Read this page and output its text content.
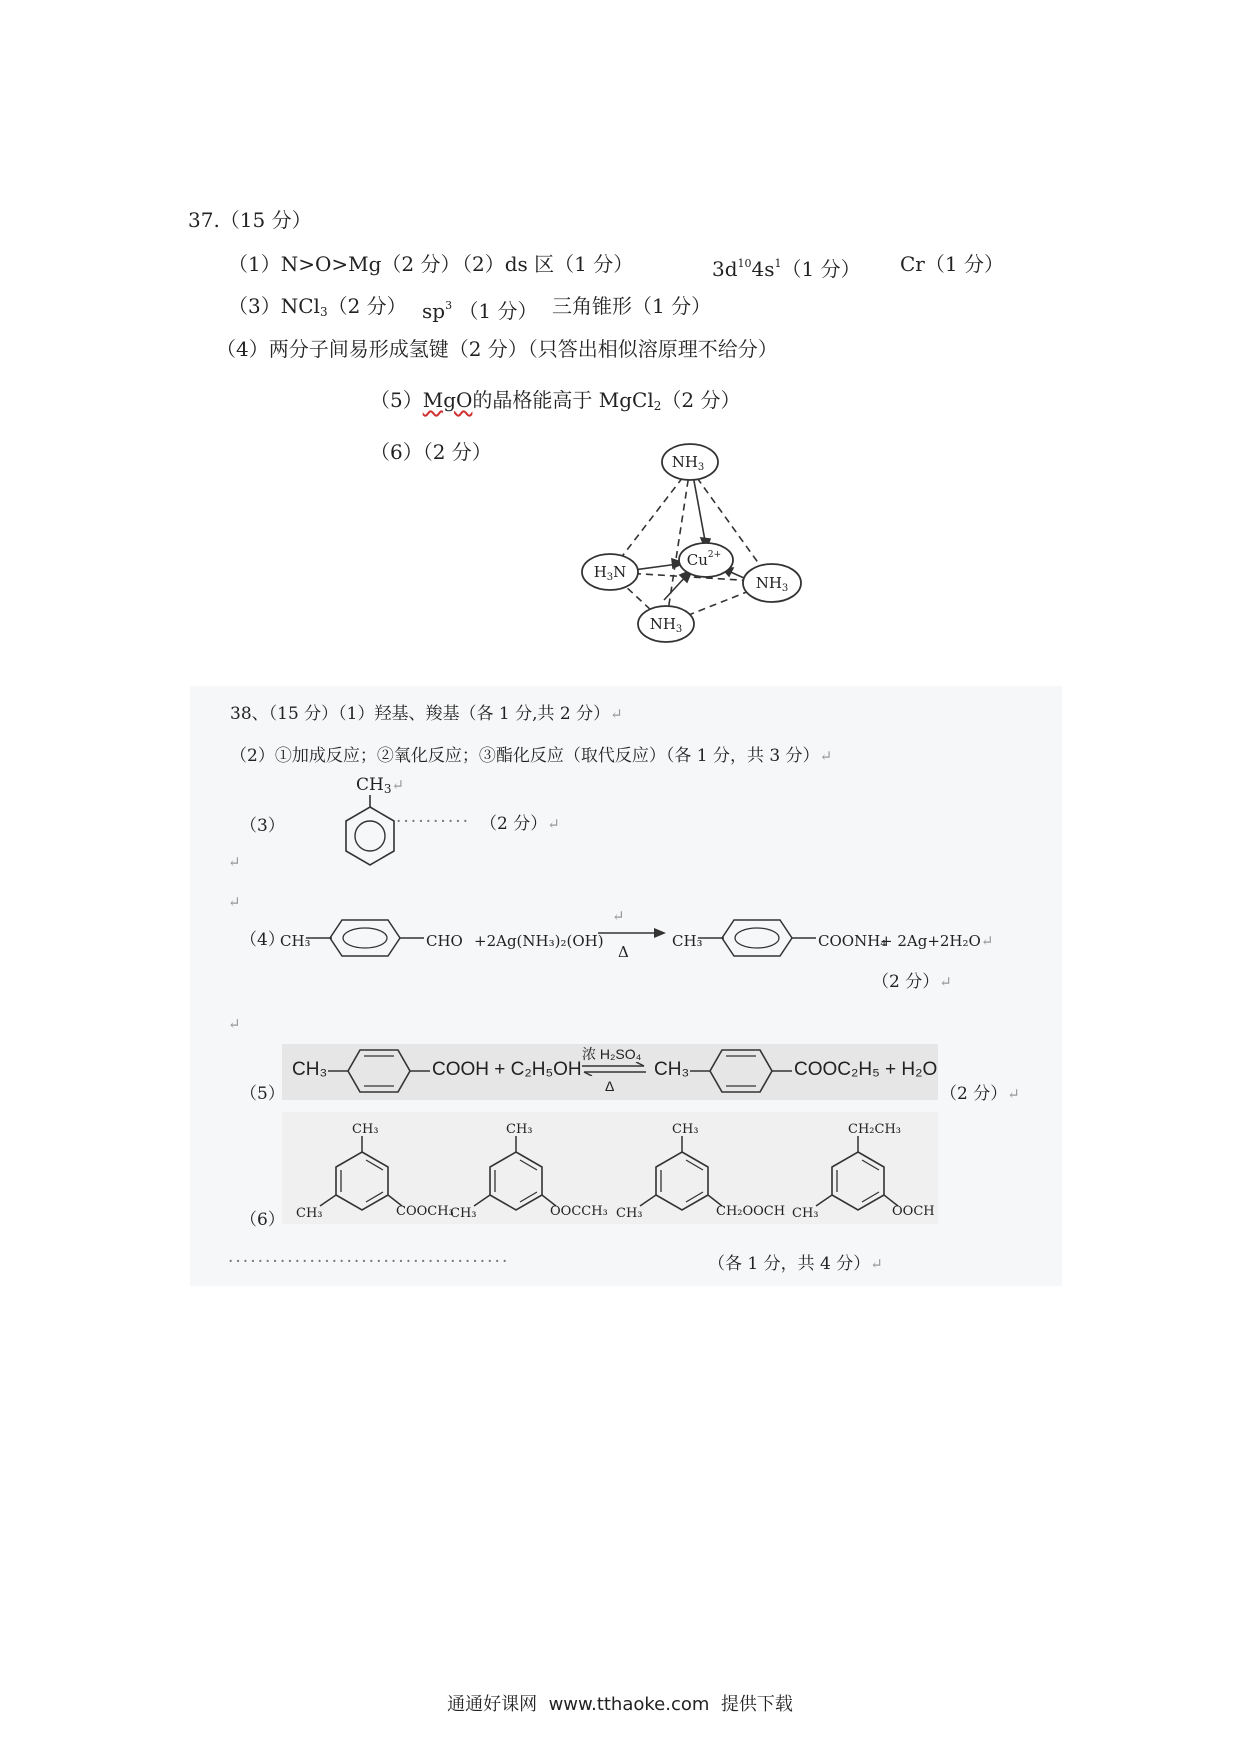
37.（15 分）
（1）N>O>Mg（2 分）
（2）ds 区（1 分）	$3d^{10}4s^1(1$ 分） Cr（1 分）
（3）NCl$_3$（2 分） $sp^3$ （1 分） 三角锥形（1 分）
（4）两分子间易形成氢键（2 分）（只答出相似溶原理不给分）
（5）MgO的晶格能高于 MgCl$_2$（2 分）
（6）（2 分）	$NH_3$
$H_3N$
$Cu^{2+}$
$NH_3$
$NH_3$
38、（15 分）（1）羟基、羧基（各 1 分,共 2 分）↵
（2）①加成反应；②氧化反应；③酯化反应（取代反应）（各 1 分，共 3 分）↵
（3）
$CH_3↵$
·········· （2 分）↵
↵
↵
（4）
CH₃	CHO +2Ag(NH₃)₂(OH)
↵
Δ
CH₃	COONH₄
+ 2Ag+2H₂O↵
（2 分）↵
↵
（5）
CH₃	COOH + C₂H₅OH
浓 H₂SO₄
Δ
CH₃	COOC₂H₅ + H₂O
（2 分）↵
（6）
CH₃
CH₃	COOCH₃
CH₃
CH₃	OOCCH₃
CH₃
CH₃	CH₂OOCH
CH₂CH₃
CH₃	OOCH
······································	（各 1 分，共 4 分）↵
通通好课网 www.tthaoke.com 提供下载
